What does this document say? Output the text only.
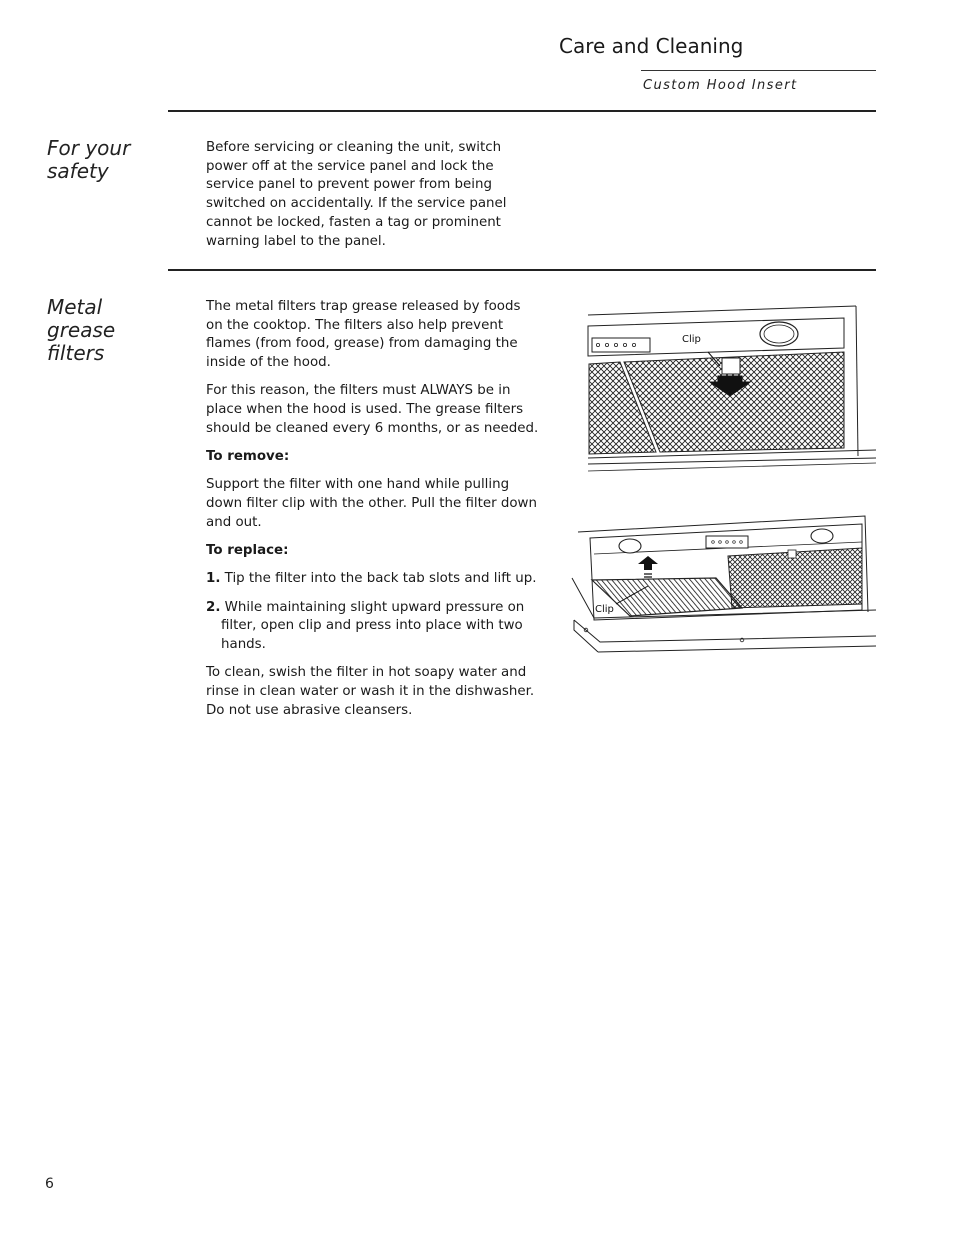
Care and Cleaning
Custom Hood Insert
For your safety

Before servicing or cleaning the unit, switch power off at the service panel and lock the service panel to prevent power from being switched on accidentally. If the service panel cannot be locked, fasten a tag or prominent warning label to the panel.

Metal grease filters

The metal filters trap grease released by foods on the cooktop. The filters also help prevent flames (from food, grease) from damaging the inside of the hood.

For this reason, the filters must ALWAYS be in place when the hood is used. The grease filters should be cleaned every 6 months, or as needed.

To remove:

Support the filter with one hand while pulling down filter clip with the other. Pull the filter down and out.

To replace:

1. Tip the filter into the back tab slots and lift up.
2. While maintaining slight upward pressure on filter, open clip and press into place with two hands.

To clean, swish the filter in hot soapy water and rinse in clean water or wash it in the dishwasher. Do not use abrasive cleansers.

Clip
Clip
6
